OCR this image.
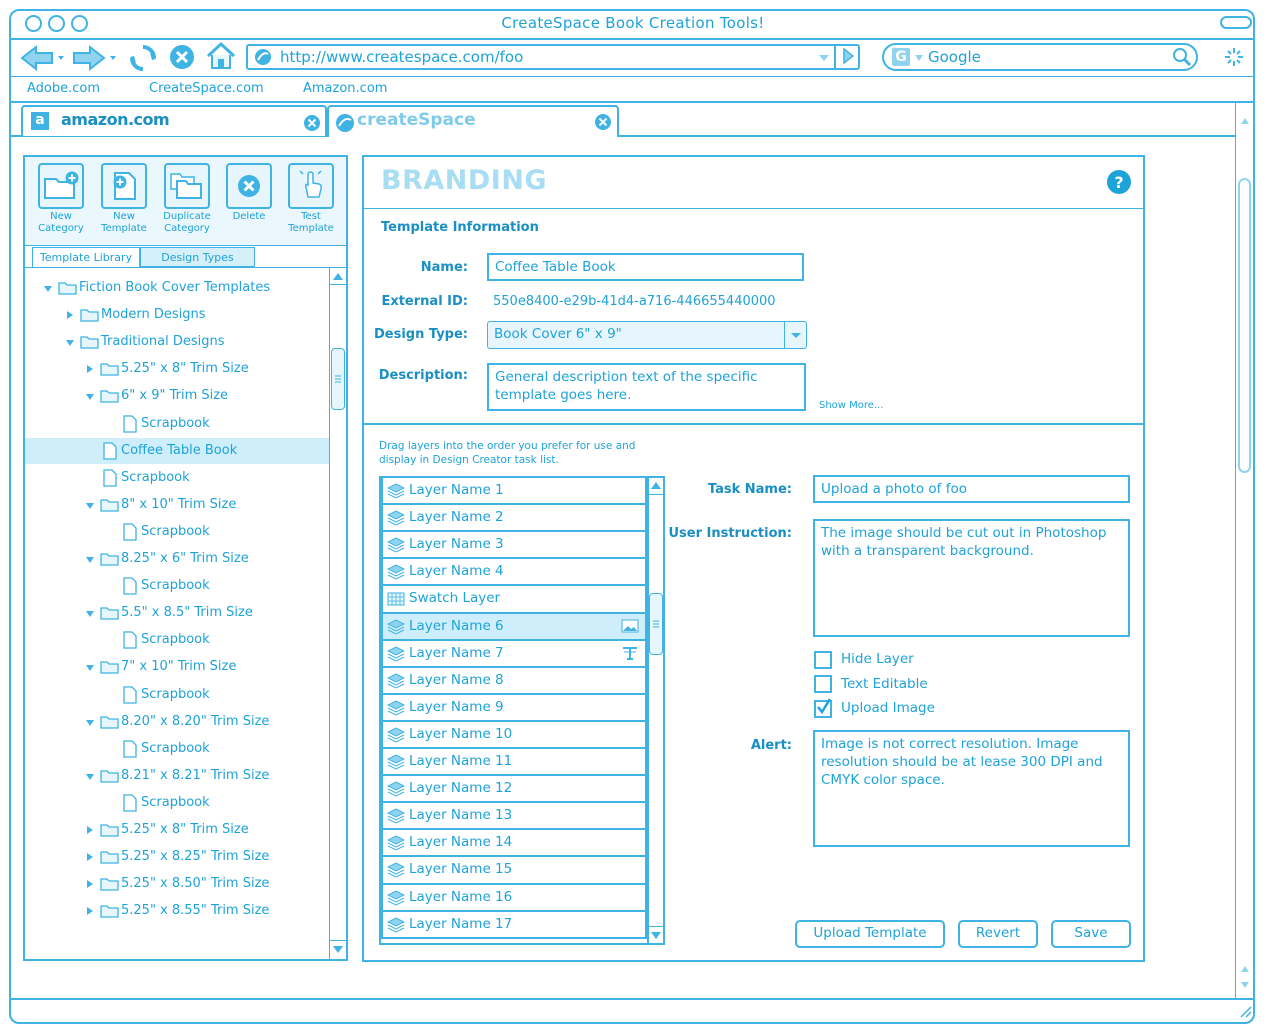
CreateSpace Book Creation Tools!
http://www.createspace.com/foo	G Google
Adobe.com	CreateSpace.com	Amazon.com
a amazon.com	createSpace
New
Category
New
Template
Duplicate
Category
Delete	Test
Template
Template Library	Design Types
Fiction Book Cover Templates
Modern Designs
Traditional Designs
5.25" x 8" Trim Size
6" x 9" Trim Size
Scrapbook
Coffee Table Book
Scrapbook
8" x 10" Trim Size
Scrapbook
8.25" x 6" Trim Size
Scrapbook
5.5" x 8.5" Trim Size
Scrapbook
7" x 10" Trim Size
Scrapbook
8.20" x 8.20" Trim Size
Scrapbook
8.21" x 8.21" Trim Size
Scrapbook
5.25" x 8" Trim Size
5.25" x 8.25" Trim Size
5.25" x 8.50" Trim Size
5.25" x 8.55" Trim Size
BRANDING	?
Template Information
Name:	Coffee Table Book
External ID: 550e8400-e29b-41d4-a716-446655440000
Design Type: Book Cover 6" x 9"
Description:	General description text of the specific template goes here.
Show More...
Drag layers into the order you prefer for use and display in Design Creator task list.
Layer Name 1
Layer Name 2
Layer Name 3
Layer Name 4
Swatch Layer
Layer Name 6
Layer Name 7
Layer Name 8
Layer Name 9
Layer Name 10
Layer Name 11
Layer Name 12
Layer Name 13
Layer Name 14
Layer Name 15
Layer Name 16
Layer Name 17
Task Name:	Upload a photo of foo
User Instruction:	The image should be cut out in Photoshop with a transparent background.
Hide Layer
Text Editable
Upload Image
Alert:	Image is not correct resolution. Image resolution should be at lease 300 DPI and CMYK color space.
Upload Template	Revert	Save
